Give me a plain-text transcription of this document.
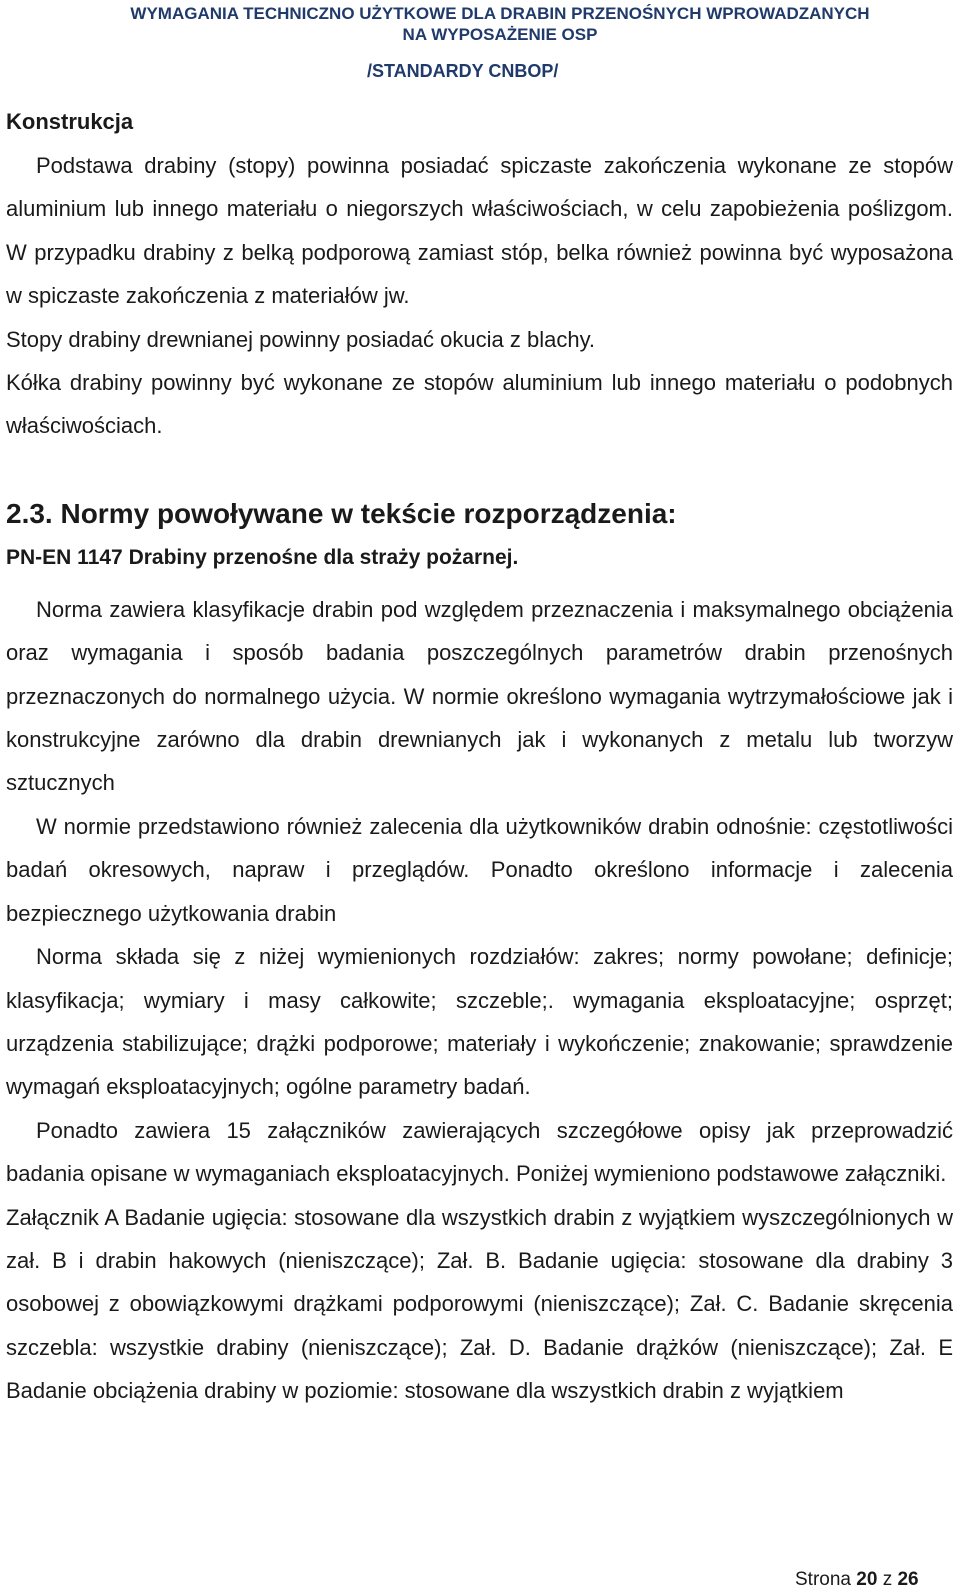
WYMAGANIA TECHNICZNO UŻYTKOWE DLA DRABIN PRZENOŚNYCH WPROWADZANYCH
NA WYPOSAŻENIE OSP
/STANDARDY CNBOP/

Konstrukcja

Podstawa drabiny (stopy) powinna posiadać spiczaste zakończenia wykonane ze stopów aluminium lub innego materiału o niegorszych właściwościach, w celu zapobieżenia poślizgom. W przypadku drabiny z belką podporową zamiast stóp, belka również powinna być wyposażona w spiczaste zakończenia z materiałów jw.

Stopy drabiny drewnianej powinny posiadać okucia z blachy.

Kółka drabiny powinny być wykonane ze stopów aluminium lub innego materiału o podobnych właściwościach.

2.3. Normy powoływane w tekście rozporządzenia:

PN-EN 1147 Drabiny przenośne dla straży pożarnej.

Norma zawiera klasyfikacje drabin pod względem przeznaczenia i maksymalnego obciążenia oraz wymagania i sposób badania poszczególnych parametrów drabin przenośnych przeznaczonych do normalnego użycia. W normie określono wymagania wytrzymałościowe jak i konstrukcyjne zarówno dla drabin drewnianych jak i wykonanych z metalu lub tworzyw sztucznych

W normie przedstawiono również zalecenia dla użytkowników drabin odnośnie: częstotliwości badań okresowych, napraw i przeglądów. Ponadto określono informacje i zalecenia bezpiecznego użytkowania drabin

Norma składa się z niżej wymienionych rozdziałów: zakres; normy powołane; definicje; klasyfikacja; wymiary i masy całkowite; szczeble;. wymagania eksploatacyjne; osprzęt; urządzenia stabilizujące; drążki podporowe; materiały i wykończenie; znakowanie; sprawdzenie wymagań eksploatacyjnych; ogólne parametry badań.

Ponadto zawiera 15 załączników zawierających szczegółowe opisy jak przeprowadzić badania opisane w wymaganiach eksploatacyjnych. Poniżej wymieniono podstawowe załączniki.

Załącznik A Badanie ugięcia: stosowane dla wszystkich drabin z wyjątkiem wyszczególnionych w zał. B i drabin hakowych (nieniszczące); Zał. B. Badanie ugięcia: stosowane dla drabiny 3 osobowej z obowiązkowymi drążkami podporowymi (nieniszczące); Zał. C. Badanie skręcenia szczebla: wszystkie drabiny (nieniszczące); Zał. D. Badanie drążków (nieniszczące); Zał. E Badanie obciążenia drabiny w poziomie: stosowane dla wszystkich drabin z wyjątkiem

Strona 20 z 26
